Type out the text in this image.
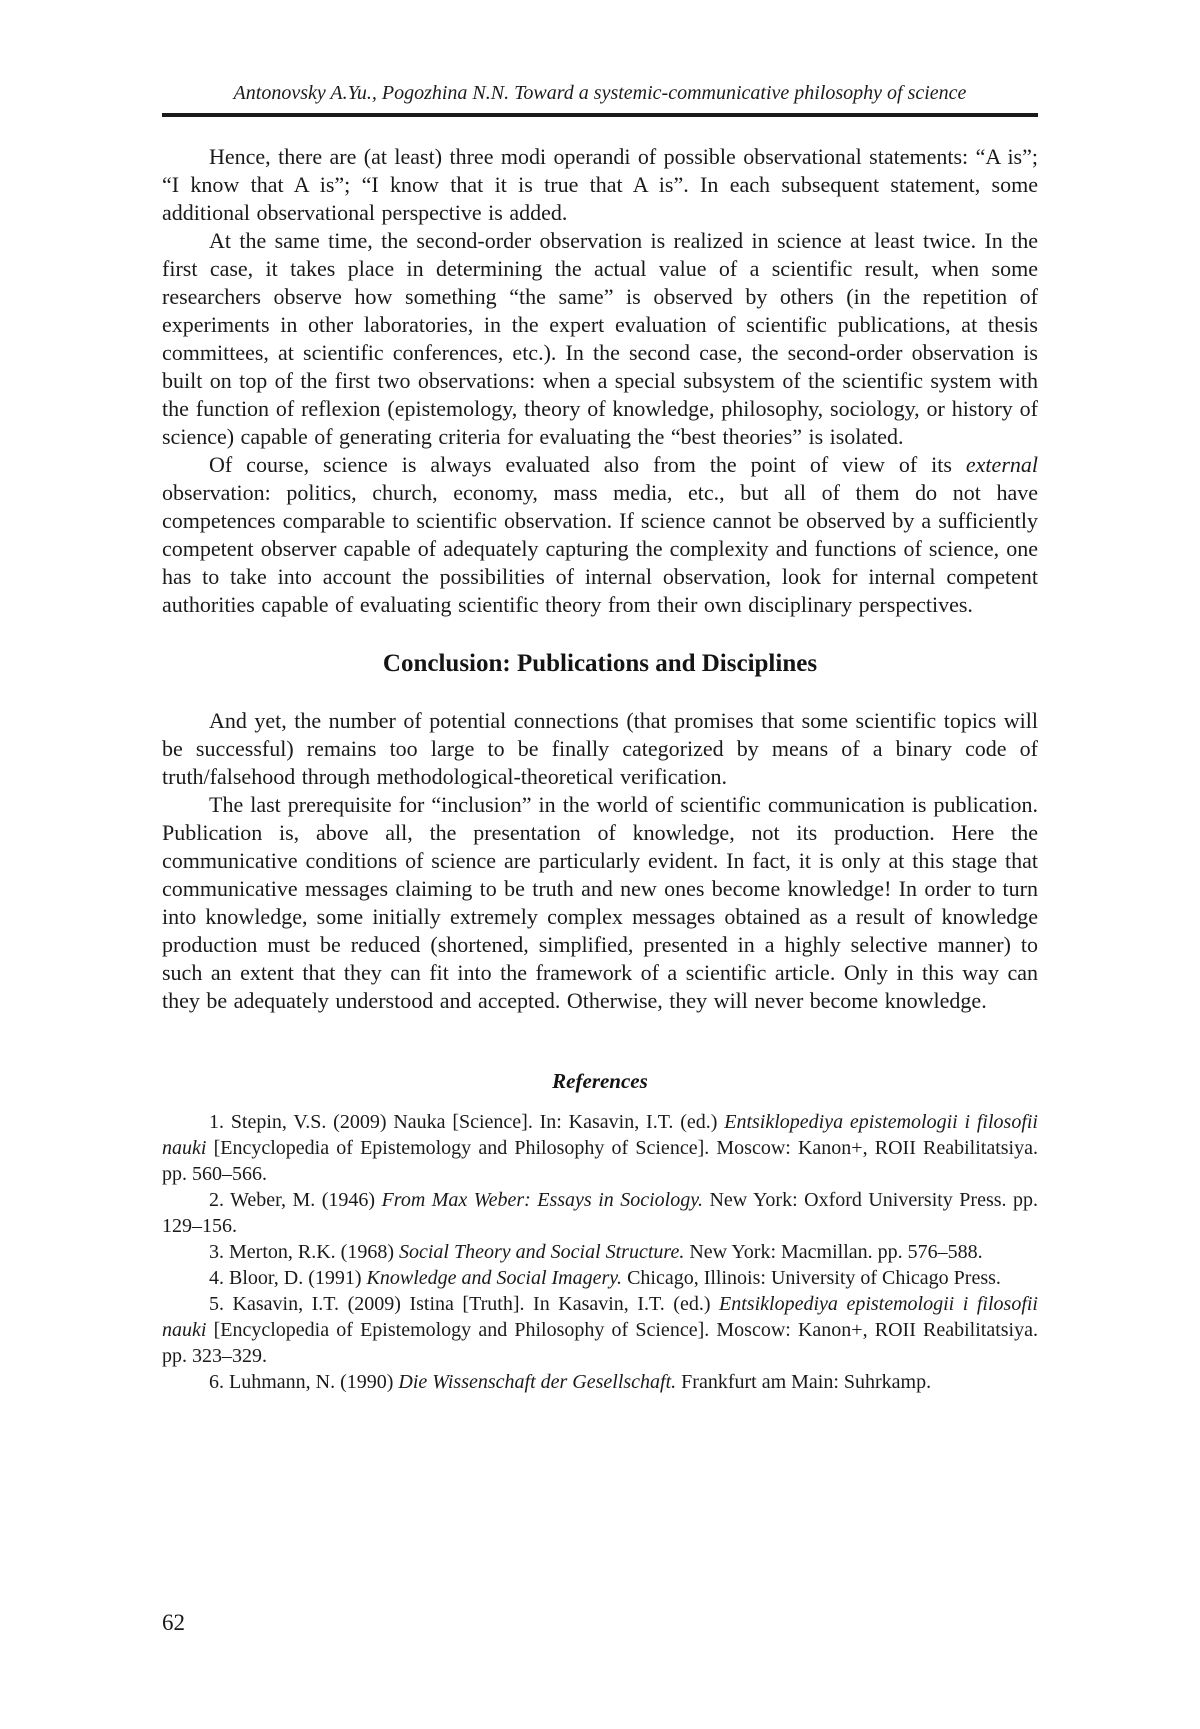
Antonovsky A.Yu., Pogozhina N.N. Toward a systemic-communicative philosophy of science

Hence, there are (at least) three modi operandi of possible observational statements: “A is”; “I know that A is”; “I know that it is true that A is”. In each subsequent statement, some additional observational perspective is added.

At the same time, the second-order observation is realized in science at least twice. In the first case, it takes place in determining the actual value of a scientific result, when some researchers observe how something “the same” is observed by others (in the repetition of experiments in other laboratories, in the expert evaluation of scientific publications, at thesis committees, at scientific conferences, etc.). In the second case, the second-order observation is built on top of the first two observations: when a special subsystem of the scientific system with the function of reflexion (epistemology, theory of knowledge, philosophy, sociology, or history of science) capable of generating criteria for evaluating the “best theories” is isolated.

Of course, science is always evaluated also from the point of view of its external observation: politics, church, economy, mass media, etc., but all of them do not have competences comparable to scientific observation. If science cannot be observed by a sufficiently competent observer capable of adequately capturing the complexity and functions of science, one has to take into account the possibilities of internal observation, look for internal competent authorities capable of evaluating scientific theory from their own disciplinary perspectives.

Conclusion: Publications and Disciplines

And yet, the number of potential connections (that promises that some scientific topics will be successful) remains too large to be finally categorized by means of a binary code of truth/falsehood through methodological-theoretical verification.

The last prerequisite for “inclusion” in the world of scientific communication is publication. Publication is, above all, the presentation of knowledge, not its production. Here the communicative conditions of science are particularly evident. In fact, it is only at this stage that communicative messages claiming to be truth and new ones become knowledge! In order to turn into knowledge, some initially extremely complex messages obtained as a result of knowledge production must be reduced (shortened, simplified, presented in a highly selective manner) to such an extent that they can fit into the framework of a scientific article. Only in this way can they be adequately understood and accepted. Otherwise, they will never become knowledge.

References

1. Stepin, V.S. (2009) Nauka [Science]. In: Kasavin, I.T. (ed.) Entsiklopediya epistemologii i filosofii nauki [Encyclopedia of Epistemology and Philosophy of Science]. Moscow: Kanon+, ROII Reabilitatsiya. pp. 560–566.

2. Weber, M. (1946) From Max Weber: Essays in Sociology. New York: Oxford University Press. pp. 129–156.

3. Merton, R.K. (1968) Social Theory and Social Structure. New York: Macmillan. pp. 576–588.

4. Bloor, D. (1991) Knowledge and Social Imagery. Chicago, Illinois: University of Chicago Press.

5. Kasavin, I.T. (2009) Istina [Truth]. In Kasavin, I.T. (ed.) Entsiklopediya epistemologii i filosofii nauki [Encyclopedia of Epistemology and Philosophy of Science]. Moscow: Kanon+, ROII Reabilitatsiya. pp. 323–329.

6. Luhmann, N. (1990) Die Wissenschaft der Gesellschaft. Frankfurt am Main: Suhrkamp.

62
